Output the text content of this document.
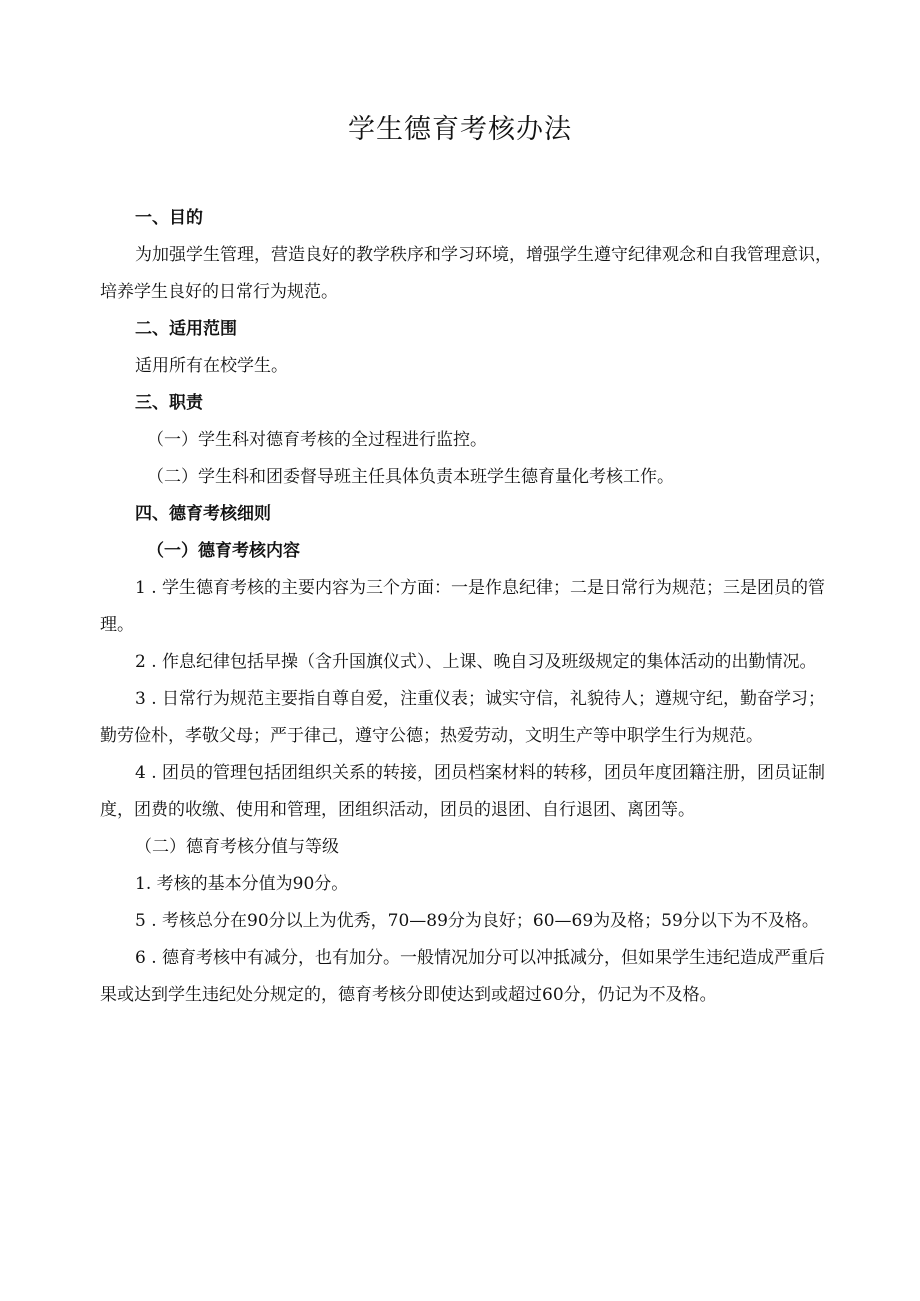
学生德育考核办法
一、目的
为加强学生管理，营造良好的教学秩序和学习环境，增强学生遵守纪律观念和自我管理意识，培养学生良好的日常行为规范。
二、适用范围
适用所有在校学生。
三、职责
（一）学生科对德育考核的全过程进行监控。
（二）学生科和团委督导班主任具体负责本班学生德育量化考核工作。
四、德育考核细则
（一）德育考核内容
1 . 学生德育考核的主要内容为三个方面：一是作息纪律；二是日常行为规范；三是团员的管理。
2 . 作息纪律包括早操（含升国旗仪式）、上课、晚自习及班级规定的集体活动的出勤情况。
3 . 日常行为规范主要指自尊自爱，注重仪表；诚实守信，礼貌待人；遵规守纪，勤奋学习；勤劳俭朴，孝敬父母；严于律己，遵守公德；热爱劳动，文明生产等中职学生行为规范。
4 . 团员的管理包括团组织关系的转接，团员档案材料的转移，团员年度团籍注册，团员证制度，团费的收缴、使用和管理，团组织活动，团员的退团、自行退团、离团等。
（二）德育考核分值与等级
1. 考核的基本分值为90分。
5 . 考核总分在90分以上为优秀，70—89分为良好；60—69为及格；59分以下为不及格。
6 . 德育考核中有减分，也有加分。一般情况加分可以冲抵减分，但如果学生违纪造成严重后果或达到学生违纪处分规定的，德育考核分即使达到或超过60分，仍记为不及格。
